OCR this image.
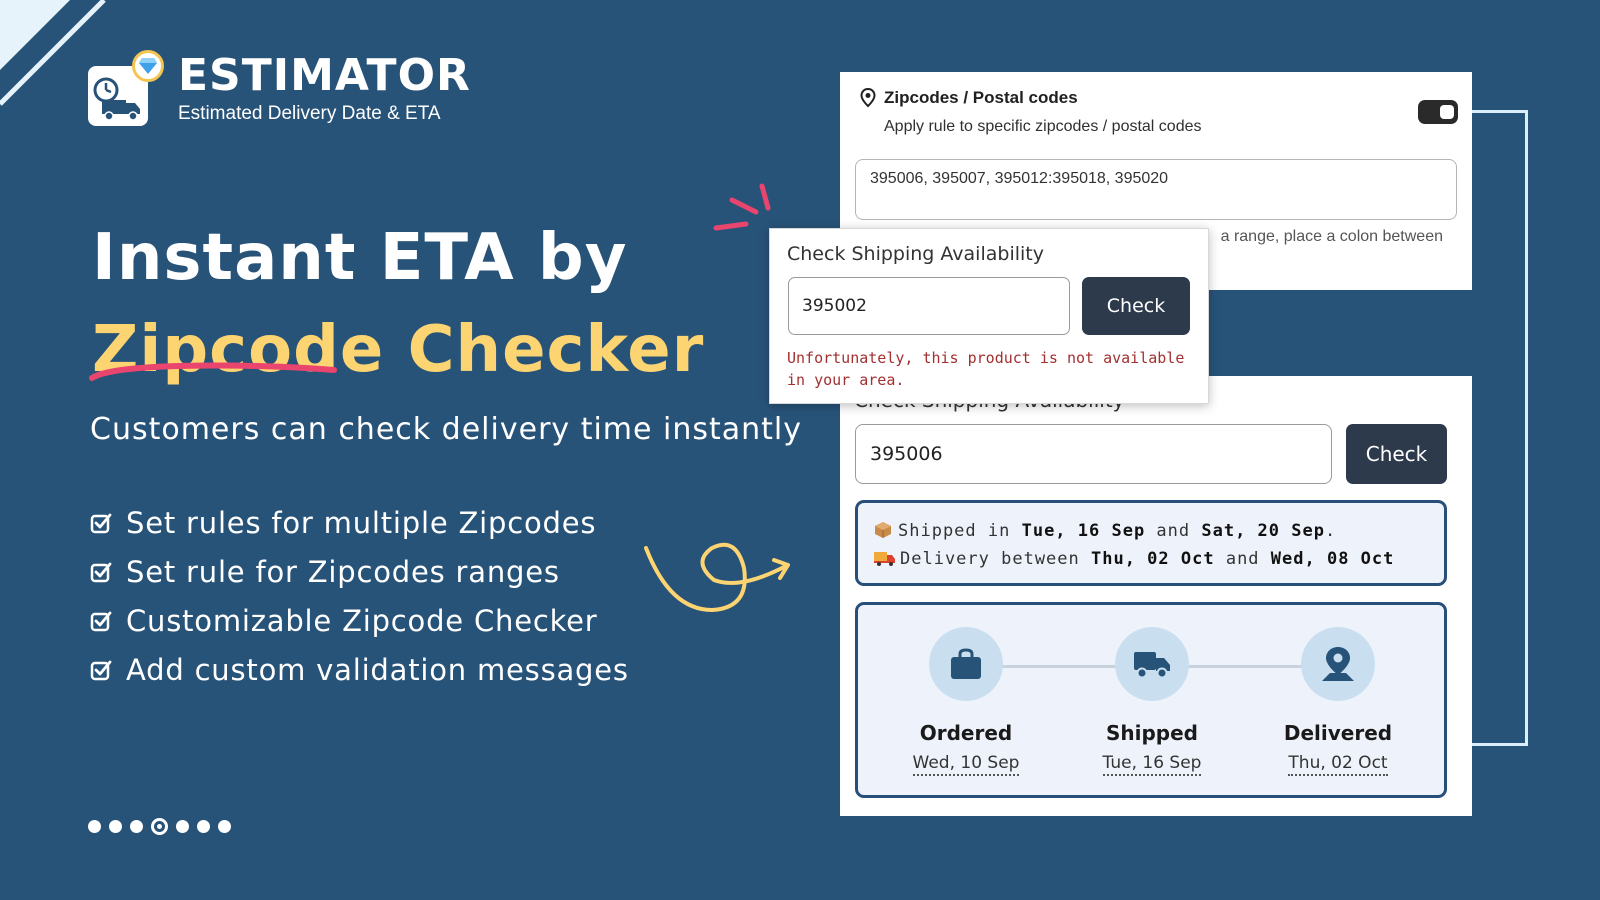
ESTIMATOR
Estimated Delivery Date & ETA
Instant ETA by
Zipcode Checker
Customers can check delivery time instantly
Set rules for multiple Zipcodes
Set rule for Zipcodes ranges
Customizable Zipcode Checker
Add custom validation messages
Zipcodes / Postal codes
Apply rule to specific zipcodes / postal codes
395006, 395007, 395012:395018, 395020
a range, place a colon between
395006	Check
Shipped in Tue, 16 Sep and Sat, 20 Sep.
Delivery between Thu, 02 Oct and Wed, 08 Oct
Ordered
Wed, 10 Sep
Shipped
Tue, 16 Sep
Delivered
Thu, 02 Oct
Check Shipping Availability
395002	Check
Unfortunately, this product is not available in your area.
